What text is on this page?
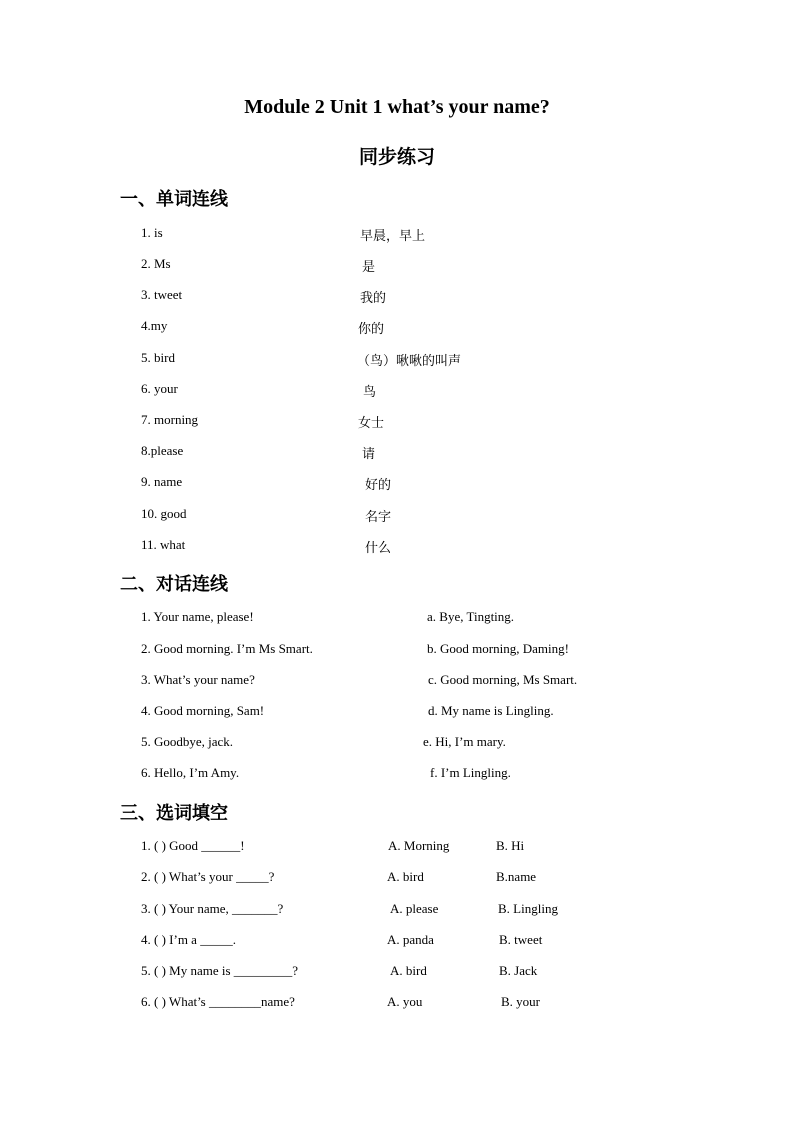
Module 2 Unit 1 what’s your name?
同步练习
一、单词连线
1. is
2. Ms
3. tweet
4.my
5. bird
6. your
7. morning
8.please
9. name
10. good
11. what
早晨，早上
是
我的
你的
（鸟）啾啾的叫声
鸟
女士
请
好的
名字
什么
二、对话连线
1. Your name, please!
2. Good morning. I’m Ms Smart.
3. What’s your name?
4. Good morning, Sam!
5. Goodbye, jack.
6. Hello, I’m Amy.
a. Bye, Tingting.
b. Good morning, Daming!
c. Good morning, Ms Smart.
d. My name is Lingling.
e. Hi, I’m mary.
f. I’m Lingling.
三、选词填空
1. ( ) Good ______!
2. ( ) What’s your _____?
3. ( ) Your name, _______?
4. ( ) I’m a _____.
5. ( ) My name is _________?
6. ( ) What’s ________name?
A. Morning
A. bird
A. please
A. panda
A. bird
A. you
B. Hi
B.name
B. Lingling
B. tweet
B. Jack
B. your
